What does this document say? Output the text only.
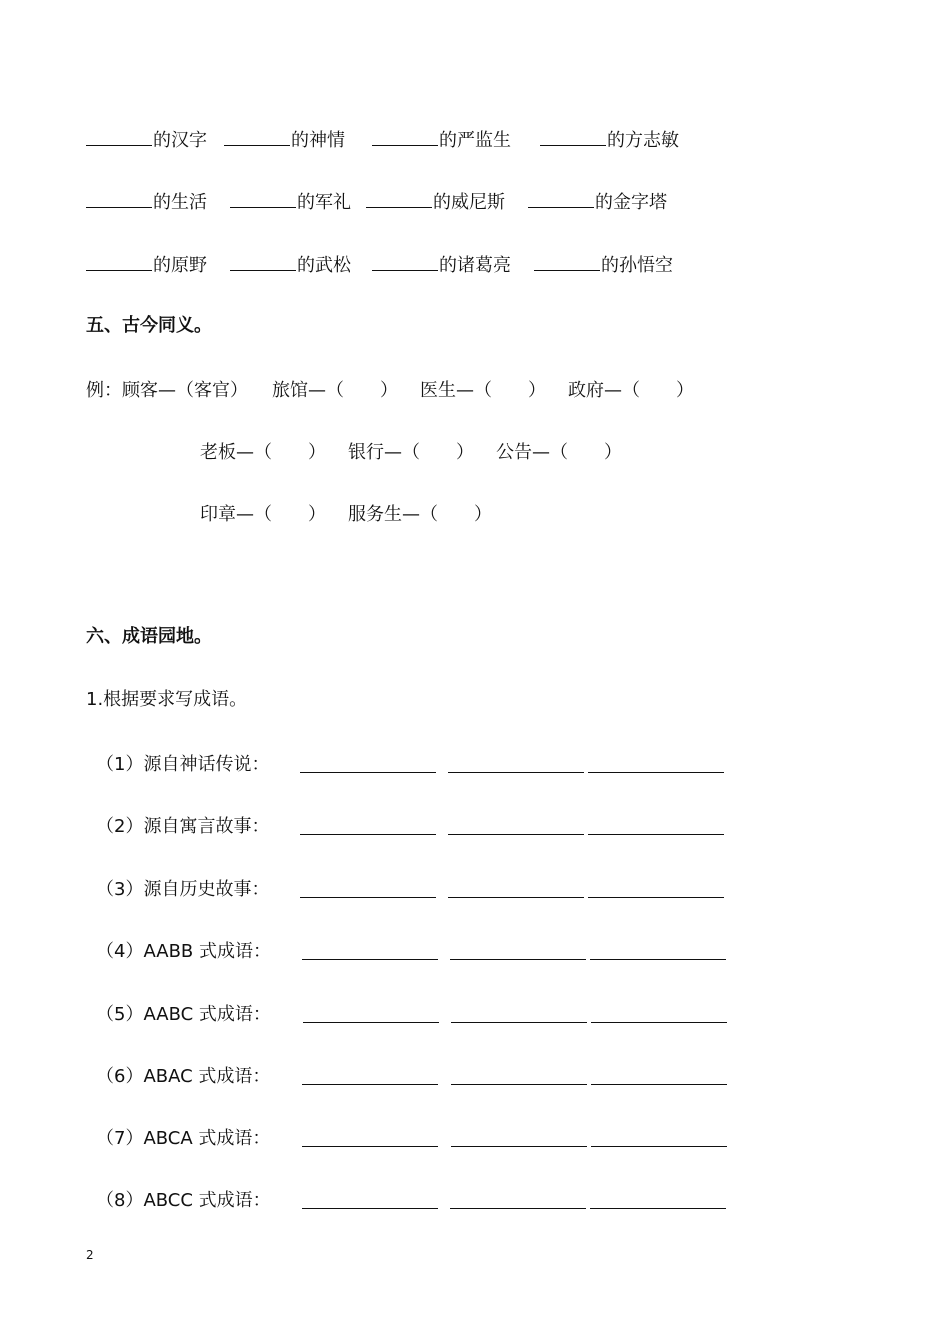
的汉字	的神情	的严监生	的方志敏
的生活	的军礼	的威尼斯	的金字塔
的原野	的武松	的诸葛亮	的孙悟空
五、古今同义。
例：顾客—（客官） 旅馆—（　　） 医生—（　　） 政府—（　　）
老板—（　　） 银行—（　　） 公告—（　　）
印章—（　　） 服务生—（　　）
六、成语园地。
1.根据要求写成语。
（1）源自神话传说：
（2）源自寓言故事：
（3）源自历史故事：
（4）AABB 式成语：
（5）AABC 式成语：
（6）ABAC 式成语：
（7）ABCA 式成语：
（8）ABCC 式成语：
2
